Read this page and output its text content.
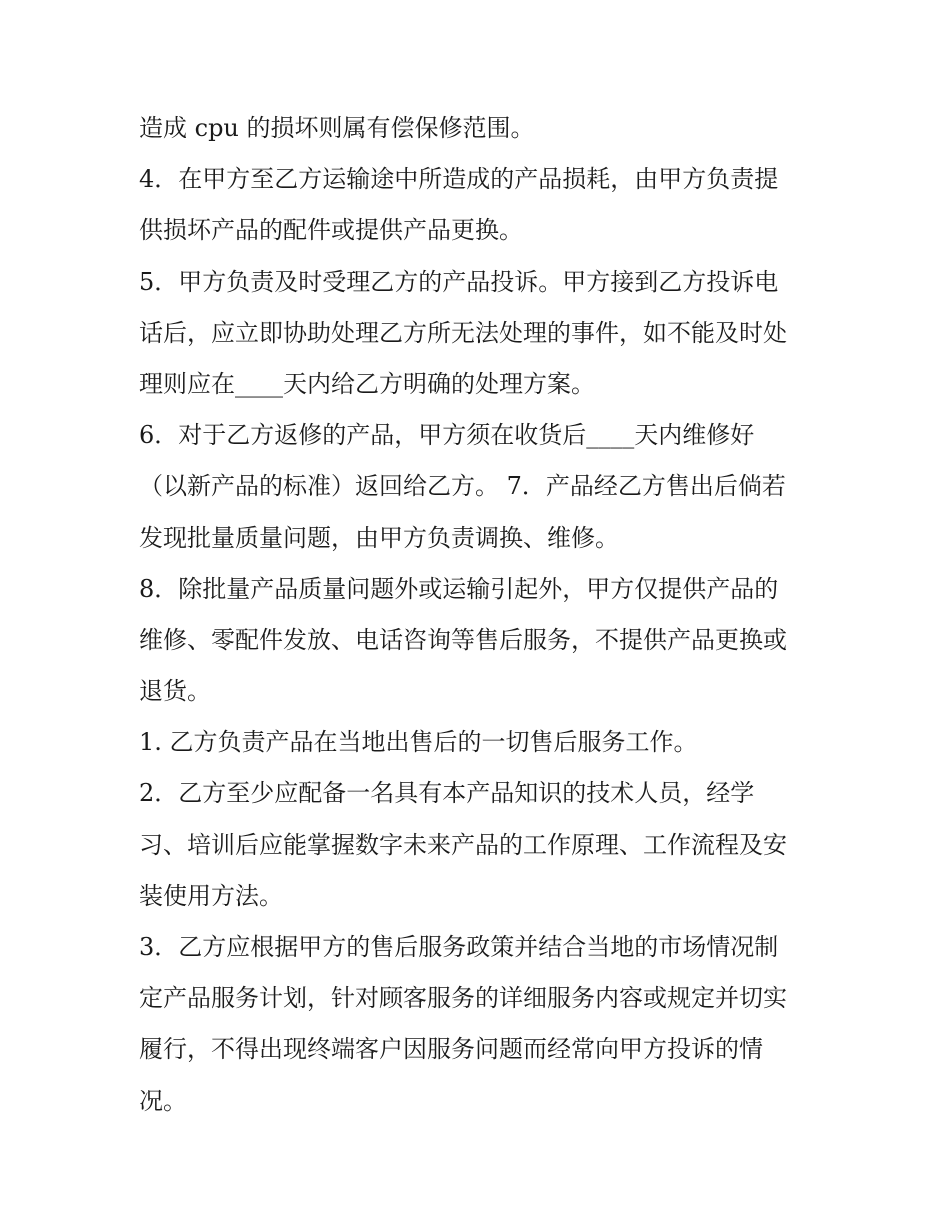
造成 cpu 的损坏则属有偿保修范围。
4．在甲方至乙方运输途中所造成的产品损耗，由甲方负责提
供损坏产品的配件或提供产品更换。
5．甲方负责及时受理乙方的产品投诉。甲方接到乙方投诉电
话后，应立即协助处理乙方所无法处理的事件，如不能及时处
理则应在____天内给乙方明确的处理方案。
6．对于乙方返修的产品，甲方须在收货后____天内维修好
（以新产品的标准）返回给乙方。 7．产品经乙方售出后倘若
发现批量质量问题，由甲方负责调换、维修。
8．除批量产品质量问题外或运输引起外，甲方仅提供产品的
维修、零配件发放、电话咨询等售后服务，不提供产品更换或
退货。
1. 乙方负责产品在当地出售后的一切售后服务工作。
2．乙方至少应配备一名具有本产品知识的技术人员，经学
习、培训后应能掌握数字未来产品的工作原理、工作流程及安
装使用方法。
3．乙方应根据甲方的售后服务政策并结合当地的市场情况制
定产品服务计划，针对顾客服务的详细服务内容或规定并切实
履行，不得出现终端客户因服务问题而经常向甲方投诉的情
况。
